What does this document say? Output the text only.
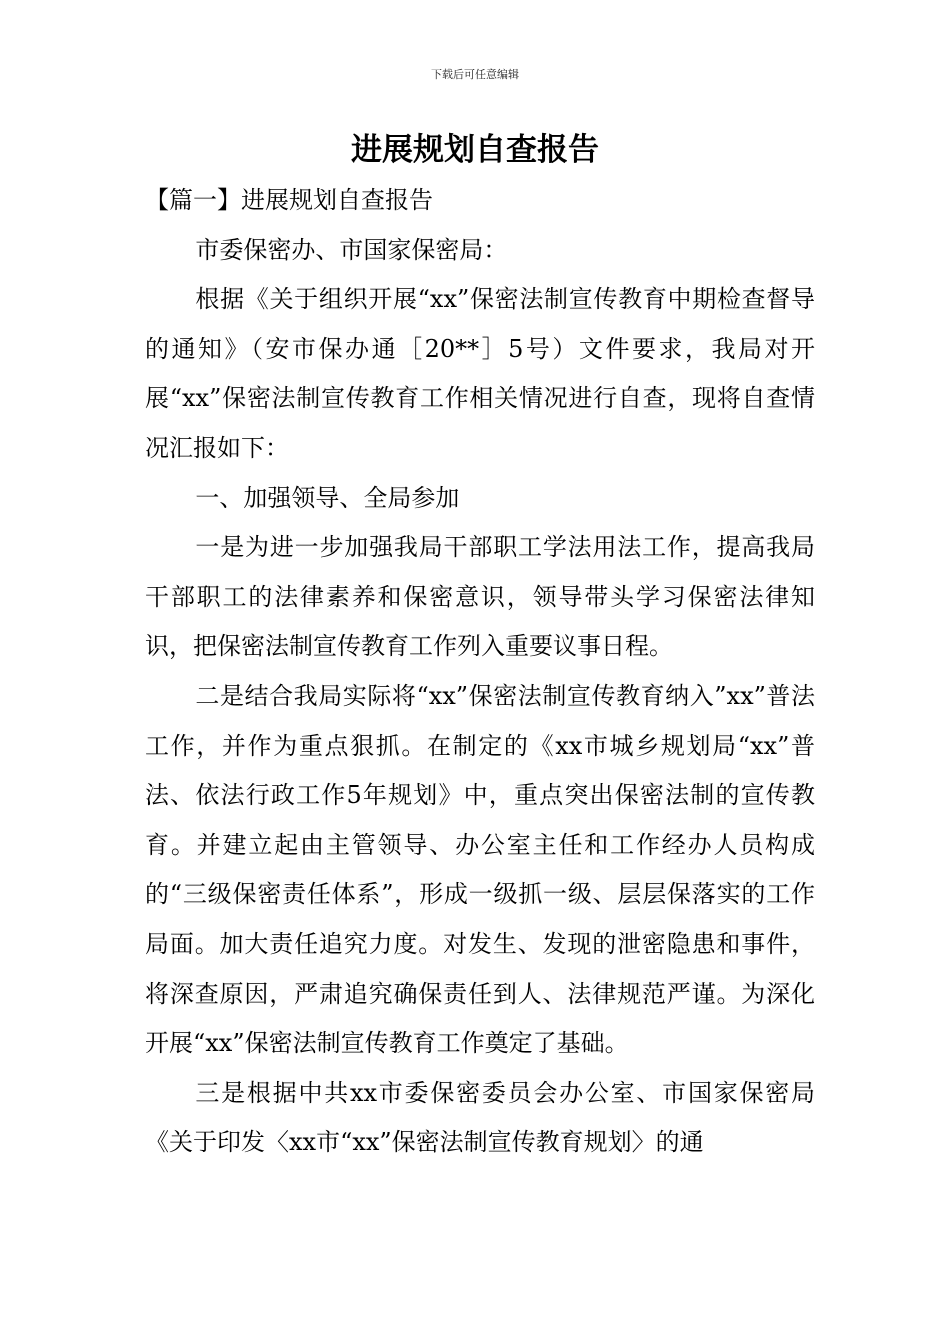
下载后可任意编辑
进展规划自查报告

【篇一】进展规划自查报告

市委保密办、市国家保密局：

根据《关于组织开展“xx”保密法制宣传教育中期检查督导的通知》（安市保办通［20**］5号）文件要求，我局对开展“xx”保密法制宣传教育工作相关情况进行自查，现将自查情况汇报如下：

一、加强领导、全局参加

一是为进一步加强我局干部职工学法用法工作，提高我局干部职工的法律素养和保密意识，领导带头学习保密法律知识，把保密法制宣传教育工作列入重要议事日程。

二是结合我局实际将“xx”保密法制宣传教育纳入”xx”普法工作，并作为重点狠抓。在制定的《xx市城乡规划局“xx”普法、依法行政工作5年规划》中，重点突出保密法制的宣传教育。并建立起由主管领导、办公室主任和工作经办人员构成的“三级保密责任体系”，形成一级抓一级、层层保落实的工作局面。加大责任追究力度。对发生、发现的泄密隐患和事件，将深查原因，严肃追究确保责任到人、法律规范严谨。为深化开展“xx”保密法制宣传教育工作奠定了基础。

三是根据中共xx市委保密委员会办公室、市国家保密局《关于印发〈xx市“xx”保密法制宣传教育规划〉的通
